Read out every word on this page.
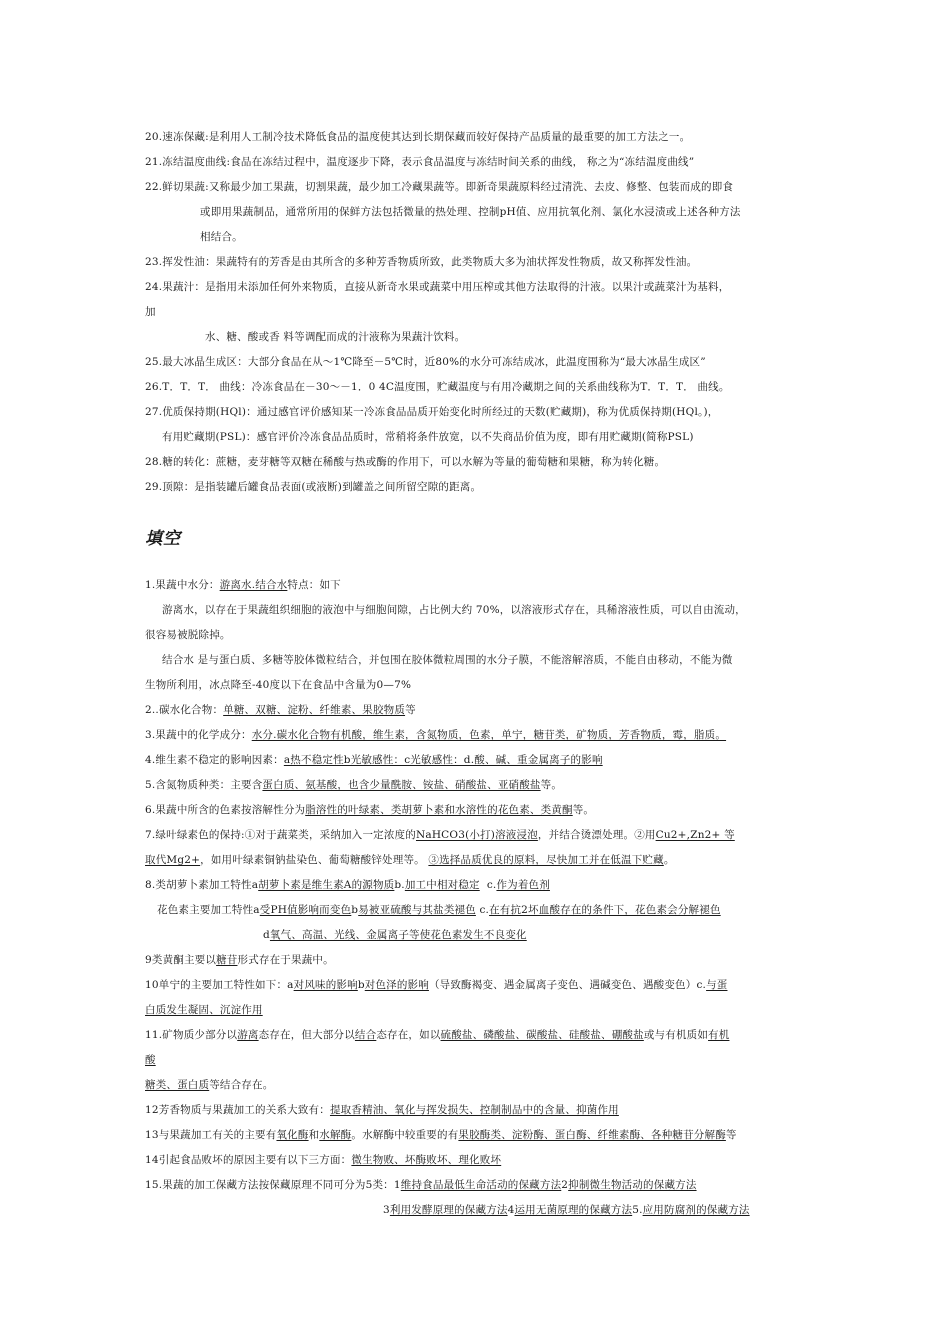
20.速冻保藏:是利用人工制冷技术降低食品的温度使其达到长期保藏而较好保持产品质量的最重要的加工方法之一。
21.冻结温度曲线:食品在冻结过程中，温度逐步下降，表示食品温度与冻结时间关系的曲线， 称之为“冻结温度曲线”
22.鲜切果蔬:又称最少加工果蔬，切割果蔬，最少加工冷藏果蔬等。即新奇果蔬原料经过清洗、去皮、修整、包装而成的即食
或即用果蔬制品，通常所用的保鲜方法包括微量的热处理、控制pH值、应用抗氧化剂、氯化水浸渍或上述各种方法
相结合。
23.挥发性油：果蔬特有的芳香是由其所含的多种芳香物质所致，此类物质大多为油状挥发性物质，故又称挥发性油。
24.果蔬汁：是指用未添加任何外来物质，直接从新奇水果或蔬菜中用压榨或其他方法取得的汁液。以果汁或蔬菜汁为基料，
加
水、糖、酸或香 料等调配而成的汁液称为果蔬汁饮料。
25.最大冰晶生成区：大部分食品在从～1℃降至－5℃时，近80%的水分可冻结成冰，此温度围称为“最大冰晶生成区”
26.T．T．T． 曲线：冷冻食品在－30～－1．0 4C温度围，贮藏温度与有用冷藏期之间的关系曲线称为T．T．T． 曲线。
27.优质保持期(HQl)：通过感官评价感知某一冷冻食品品质开始变化时所经过的天数(贮藏期)，称为优质保持期(HQl。)，
有用贮藏期(PSL)：感官评价冷冻食品品质时，常稍将条件放宽，以不失商品价值为度，即有用贮藏期(简称PSL)
28.糖的转化：蔗糖，麦芽糖等双糖在稀酸与热或酶的作用下，可以水解为等量的葡萄糖和果糖，称为转化糖。
29.顶隙：是指装罐后罐食品表面(或液断)到罐盖之间所留空隙的距离。
填空
1.果蔬中水分：游离水.结合水特点：如下
游离水，以存在于果蔬组织细胞的液泡中与细胞间隙，占比例大约 70%，以溶液形式存在，具稀溶液性质，可以自由流动，
很容易被脱除掉。
结合水 是与蛋白质、多糖等胶体微粒结合，并包围在胶体微粒周围的水分子膜，不能溶解溶质，不能自由移动，不能为微
生物所利用，冰点降至-40度以下在食品中含量为0—7%
2..碳水化合物：单糖、双糖、淀粉、纤维素、果胶物质等
3.果蔬中的化学成分：水分.碳水化合物有机酸，维生素，含氮物质，色素，单宁，糖苷类，矿物质，芳香物质，霉，脂质。
4.维生素不稳定的影响因素：a热不稳定性b光敏感性：c光敏感性：d.酸、碱、重金属离子的影响
5.含氮物质种类：主要含蛋白质、氨基酸，也含少量酰胺、铵盐、硝酸盐、亚硝酸盐等。
6.果蔬中所含的色素按溶解性分为脂溶性的叶绿素、类胡萝卜素和水溶性的花色素、类黄酮等。
7.绿叶绿素色的保持:①对于蔬菜类，采纳加入一定浓度的NaHCO3(小打)溶液浸泡，并结合烫漂处理。②用Cu2+,Zn2+ 等
取代Mg2+，如用叶绿素铜钠盐染色、葡萄糖酸锌处理等。 ③选择品质优良的原料，尽快加工并在低温下贮藏。
8.类胡萝卜素加工特性a胡萝卜素是维生素A的源物质b.加工中相对稳定  c.作为着色剂
花色素主要加工特性a受PH值影响而变色b易被亚硫酸与其盐类褪色 c.在有抗2坏血酸存在的条件下，花色素会分解褪色
d氧气、高温、光线、金属离子等使花色素发生不良变化
9类黄酮主要以糖苷形式存在于果蔬中。
10单宁的主要加工特性如下：a对风味的影响b对色泽的影响（导致酶褐变、遇金属离子变色、遇碱变色、遇酸变色）c.与蛋
白质发生凝固、沉淀作用
11.矿物质少部分以游离态存在，但大部分以结合态存在，如以硫酸盐、磷酸盐、碳酸盐、硅酸盐、硼酸盐或与有机质如有机
酸
糖类、蛋白质等结合存在。
12芳香物质与果蔬加工的关系大致有：提取香精油、氧化与挥发损失、控制制品中的含量、抑菌作用
13与果蔬加工有关的主要有氧化酶和水解酶。水解酶中较重要的有果胶酶类、淀粉酶、蛋白酶、纤维素酶、各种糖苷分解酶等
14引起食品败坏的原因主要有以下三方面：微生物败、坏酶败坏、理化败坏
15.果蔬的加工保藏方法按保藏原理不同可分为5类：1维持食品最低生命活动的保藏方法2抑制微生物活动的保藏方法
3利用发酵原理的保藏方法4运用无菌原理的保藏方法5.应用防腐剂的保藏方法
